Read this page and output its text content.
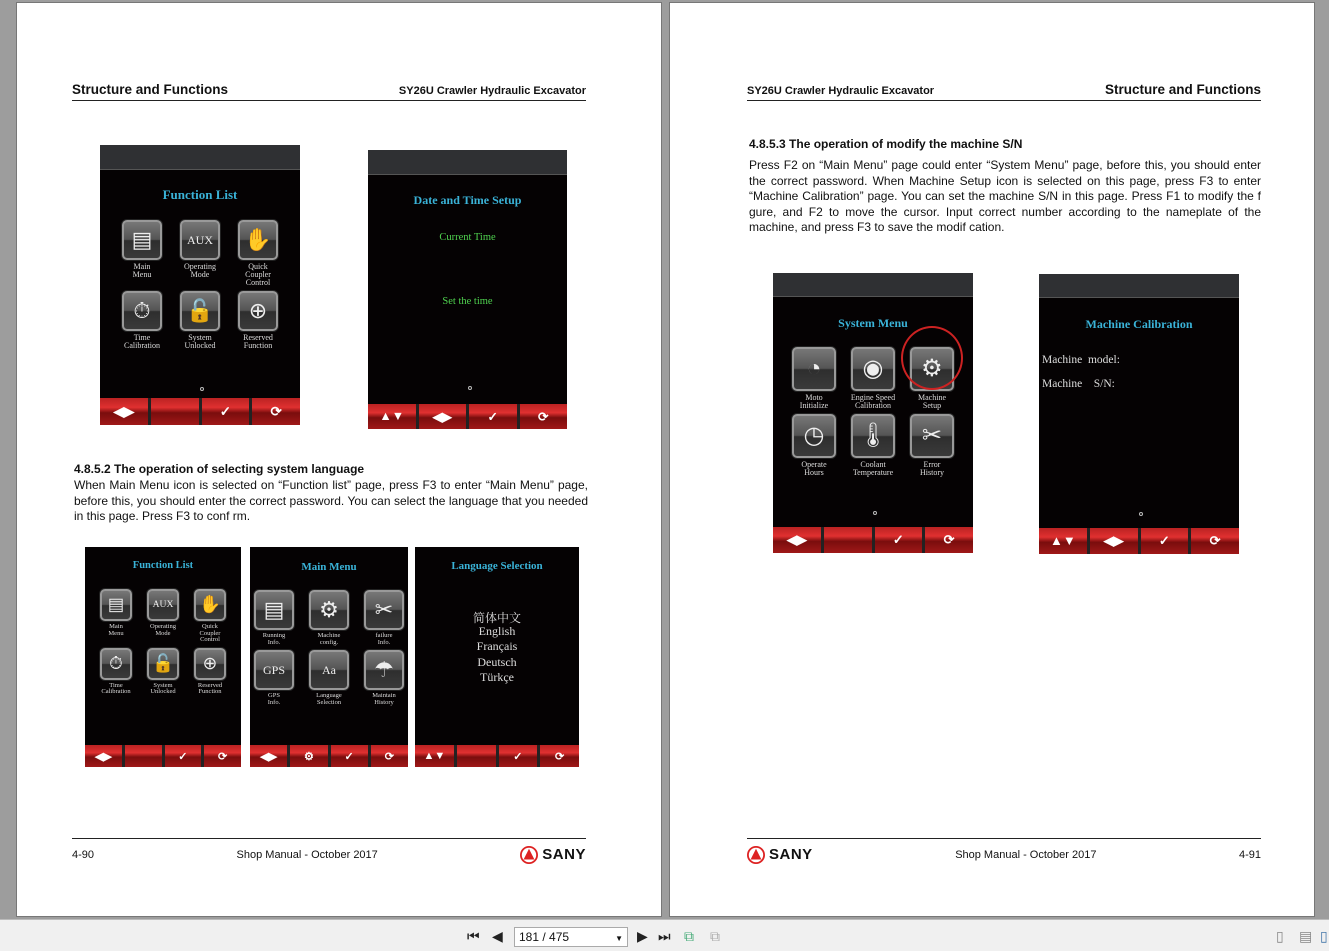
Structure and Functions	SY26U Crawler Hydraulic Excavator
4.8.5.2 The operation of selecting system language
When Main Menu icon is selected on “Function list” page, press F3 to enter “Main Menu” page, before this, you should enter the correct password. You can select the language that you needed in this page. Press F3 to conf rm.
4-90	Shop Manual - October 2017	SANY
Function List
▤
Main
Menu
AUX
Operating
Mode
✋
Quick Coupler
Control
⏱
Time
Calibration
🔓
System
Unlocked
⊕
Reserved
Function
◀▶	✓	⟳
Date and Time Setup
Current Time
Set the time
▲▼	◀▶	✓	⟳
Function List
▤
Main
Menu
AUX
Operating
Mode
✋
Quick Coupler
Control
⏱
Time
Calibration
🔓
System
Unlocked
⊕
Reserved
Function
◀▶	✓	⟳
Main Menu
▤
Running
Info.
⚙
Machine
config.
✂
failure
Info.
GPS
GPS
Info.
Aa
Language
Selection
☂
Maintain
History
◀▶	⚙	✓	⟳
Language Selection
简体中文
English
Français
Deutsch
Türkçe
▲▼	✓	⟳
SY26U Crawler Hydraulic Excavator	Structure and Functions
4.8.5.3 The operation of modify the machine S/N
Press F2 on “Main Menu” page could enter “System Menu” page, before this, you should enter the correct password. When Machine Setup icon is selected on this page, press F3 to enter “Machine Calibration” page. You can set the machine S/N in this page. Press F1 to modify the f gure, and F2 to move the cursor. Input correct number according to the nameplate of the machine, and press F3 to save the modif cation.
SANY	Shop Manual - October 2017	4-91
System Menu
◔
Moto
Initialize
◉
Engine Speed
Calibration
⚙
Machine
Setup
◷
Operate
Hours
🌡
Coolant
Temperature
✂
Error
History
◀▶	✓	⟳
Machine Calibration
Machine  model:
Machine    S/N:
▲▼	◀▶	✓	⟳
⏮ ◀ 181 / 475	▼ ▶ ⏭ ⧉ ⧉	▯ ▤ ▯
